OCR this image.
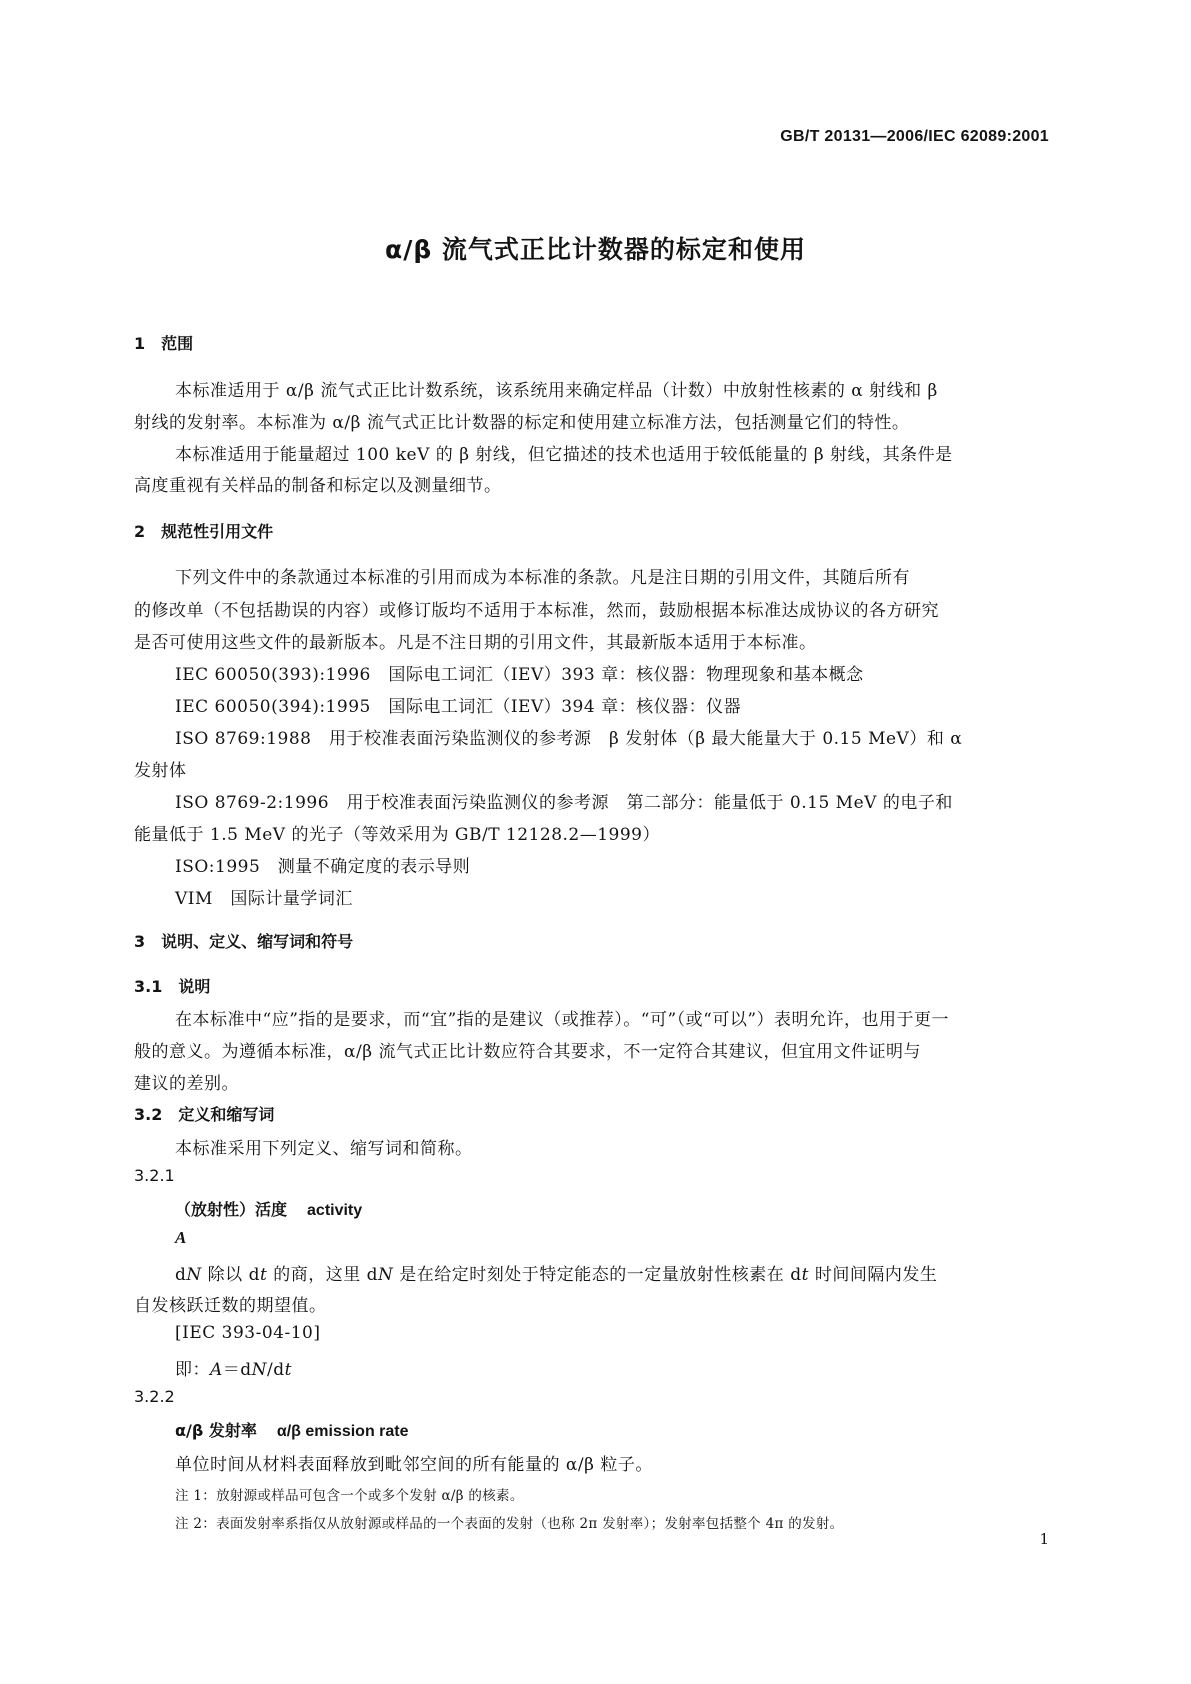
GB/T 20131—2006/IEC 62089:2001
α/β 流气式正比计数器的标定和使用
1　范围
本标准适用于 α/β 流气式正比计数系统，该系统用来确定样品（计数）中放射性核素的 α 射线和 β
射线的发射率。本标准为 α/β 流气式正比计数器的标定和使用建立标准方法，包括测量它们的特性。
本标准适用于能量超过 100 keV 的 β 射线，但它描述的技术也适用于较低能量的 β 射线，其条件是
高度重视有关样品的制备和标定以及测量细节。
2　规范性引用文件
下列文件中的条款通过本标准的引用而成为本标准的条款。凡是注日期的引用文件，其随后所有
的修改单（不包括勘误的内容）或修订版均不适用于本标准，然而，鼓励根据本标准达成协议的各方研究
是否可使用这些文件的最新版本。凡是不注日期的引用文件，其最新版本适用于本标准。
IEC 60050(393):1996　国际电工词汇（IEV）393 章：核仪器：物理现象和基本概念
IEC 60050(394):1995　国际电工词汇（IEV）394 章：核仪器：仪器
ISO 8769:1988　用于校准表面污染监测仪的参考源　β 发射体（β 最大能量大于 0.15 MeV）和 α
发射体
ISO 8769-2:1996　用于校准表面污染监测仪的参考源　第二部分：能量低于 0.15 MeV 的电子和
能量低于 1.5 MeV 的光子（等效采用为 GB/T 12128.2—1999）
ISO:1995　测量不确定度的表示导则
VIM　国际计量学词汇
3　说明、定义、缩写词和符号
3.1　说明
在本标准中“应”指的是要求，而“宜”指的是建议（或推荐）。“可”（或“可以”）表明允许，也用于更一
般的意义。为遵循本标准，α/β 流气式正比计数应符合其要求，不一定符合其建议，但宜用文件证明与
建议的差别。
3.2　定义和缩写词
本标准采用下列定义、缩写词和简称。
3.2.1
（放射性）活度 activity
A
dN 除以 dt 的商，这里 dN 是在给定时刻处于特定能态的一定量放射性核素在 dt 时间间隔内发生
自发核跃迁数的期望值。
[IEC 393-04-10]
即：A＝dN/dt
3.2.2
α/β 发射率 α/β emission rate
单位时间从材料表面释放到毗邻空间的所有能量的 α/β 粒子。
注 1：放射源或样品可包含一个或多个发射 α/β 的核素。
注 2：表面发射率系指仅从放射源或样品的一个表面的发射（也称 2π 发射率）；发射率包括整个 4π 的发射。
1
